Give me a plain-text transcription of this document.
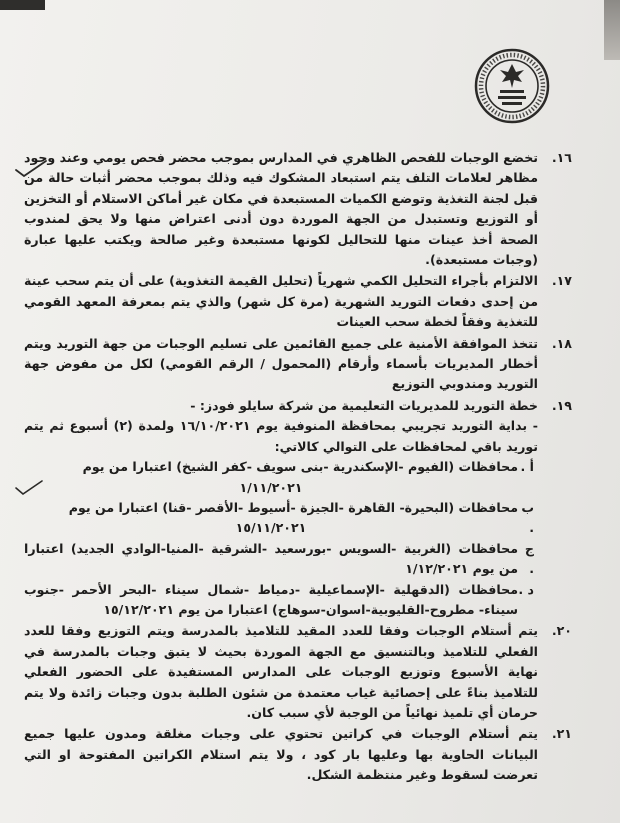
١٦.
تخضع الوجبات للفحص الظاهري في المدارس بموجب محضر فحص يومي وعند وجود مظاهر لعلامات التلف يتم استبعاد المشكوك فيه وذلك بموجب محضر أثبات حالة من قبل لجنة التغذية وتوضع الكميات المستبعدة في مكان غير أماكن الاستلام أو التخزين أو التوزيع وتستبدل من الجهة الموردة دون أدنى اعتراض منها ولا يحق لمندوب الصحة أخذ عينات منها للتحاليل لكونها مستبعدة وغير صالحة ويكتب عليها عبارة (وجبات مستبعدة).
١٧.
الالتزام بأجراء التحليل الكمي شهرياً (تحليل القيمة التغذوية) على أن يتم سحب عينة من إحدى دفعات التوريد الشهرية (مرة كل شهر) والذي يتم بمعرفة المعهد القومي للتغذية وفقاً لخطة سحب العينات
١٨.
تتخذ الموافقة الأمنية على جميع القائمين على تسليم الوجبات من جهة التوريد ويتم أخطار المديريات بأسماء وأرقام (المحمول / الرقم القومي) لكل من مفوض جهة التوريد ومندوبي التوزيع
١٩.
خطة التوريد للمديريات التعليمية من شركة سايلو فودز: -
- بداية التوريد تجريبي بمحافظة المنوفية يوم ١٦/١٠/٢٠٢١ ولمدة (٢) أسبوع ثم يتم توريد باقي لمحافظات على التوالي كالاتي:
أ .
محافظات (الفيوم -الإسكندرية -بنى سويف -كفر الشيخ) اعتبارا من يوم
١/١١/٢٠٢١
ب .
محافظات (البحيرة- القاهرة -الجيزة -أسيوط -الأقصر -قنا) اعتبارا من يوم
١٥/١١/٢٠٢١
ج .
محافظات (الغربية -السويس -بورسعيد -الشرقية -المنيا-الوادي الجديد) اعتبارا من يوم ١/١٢/٢٠٢١
د .
محافظات (الدقهلية -الإسماعيلية -دمياط -شمال سيناء -البحر الأحمر -جنوب سيناء- مطروح-القليوبية-اسوان-سوهاج) اعتبارا من يوم ١٥/١٢/٢٠٢١
٢٠.
يتم أستلام الوجبات وفقا للعدد المقيد للتلاميذ بالمدرسة ويتم التوزيع وفقا للعدد الفعلي للتلاميذ وبالتنسيق مع الجهة الموردة بحيث لا يتبق وجبات بالمدرسة في نهاية الأسبوع وتوزيع الوجبات على المدارس المستفيدة على الحضور الفعلي للتلاميذ بناءً على إحصائية غياب معتمدة من شئون الطلبة بدون وجبات زائدة ولا يتم حرمان أي تلميذ نهائياً من الوجبة لأي سبب كان.
٢١.
يتم أستلام الوجبات في كراتين تحتوي على وجبات مغلقة ومدون عليها جميع البيانات الحاوية بها وعليها بار كود ، ولا يتم استلام الكراتين المفتوحة او التي تعرضت لسقوط وغير منتظمة الشكل.
